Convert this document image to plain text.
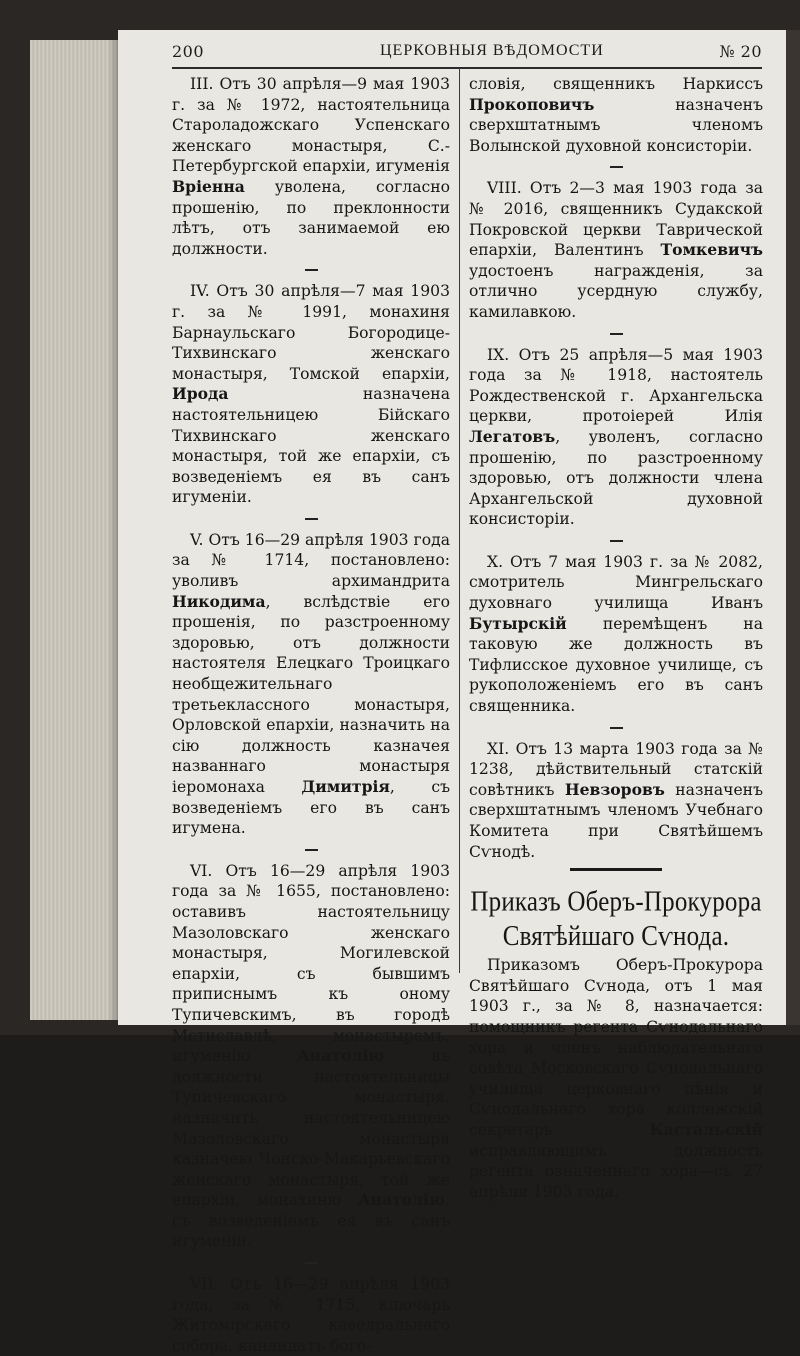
200	ЦЕРКОВНЫЯ ВѢДОМОСТИ	№ 20

III. Отъ 30 апрѣля—9 мая 1903 г. за № 1972, настоятельница Староладожскаго Успенскаго женскаго монастыря, С.-Петербургской епархіи, игуменія Вріенна уволена, согласно прошенію, по преклонности лѣтъ, отъ занимаемой ею должности.

IV. Отъ 30 апрѣля—7 мая 1903 г. за № 1991, монахиня Барнаульскаго Богородице-Тихвинскаго женскаго монастыря, Томской епархіи, Ирода назначена настоятельницею Бійскаго Тихвинскаго женскаго монастыря, той же епархіи, съ возведеніемъ ея въ санъ игуменіи.

V. Отъ 16—29 апрѣля 1903 года за № 1714, постановлено: уволивъ архимандрита Никодима, вслѣдствіе его прошенія, по разстроенному здоровью, отъ должности настоятеля Елецкаго Троицкаго необщежительнаго третьеклассного монастыря, Орловской епархіи, назначить на сію должность казначея названнаго монастыря іеромонаха Димитрія, съ возведеніемъ его въ санъ игумена.

VI. Отъ 16—29 апрѣля 1903 года за № 1655, постановлено: оставивъ настоятельницу Мазоловскаго женскаго монастыря, Могилевской епархіи, съ бывшимъ приписнымъ къ оному Тупичевскимъ, въ городѣ Мстиславлѣ, монастыремъ, игуменію Анатолію въ должности настоятельницы Тупичевскаго монастыря, назначить настоятельницею Мазоловскаго монастыря казначею Чонско-Макарьевскаго женскаго монастыря, той же епархіи, монахиню Анатолію, съ возведеніемъ ея въ санъ игуменіи.

VII. Отъ 16—29 апрѣля 1903 года, за № 1715, ключарь Житомірскаго каѳедральнаго собора, кандидатъ бого-

словія, священникъ Наркиссъ Прокоповичъ назначенъ сверхштатнымъ членомъ Волынской духовной консисторіи.

VIII. Отъ 2—3 мая 1903 года за № 2016, священникъ Судакской Покровской церкви Таврической епархіи, Валентинъ Томкевичъ удостоенъ награжденія, за отлично усердную службу, камилавкою.

IX. Отъ 25 апрѣля—5 мая 1903 года за № 1918, настоятель Рождественской г. Архангельска церкви, протоіерей Илія Легатовъ, уволенъ, согласно прошенію, по разстроенному здоровью, отъ должности члена Архангельской духовной консисторіи.

X. Отъ 7 мая 1903 г. за № 2082, смотритель Мингрельскаго духовнаго училища Иванъ Бутырскій перемѣщенъ на таковую же должность въ Тифлисское духовное училище, съ рукоположеніемъ его въ санъ священника.

XI. Отъ 13 марта 1903 года за № 1238, дѣйствительный статскій совѣтникъ Невзоровъ назначенъ сверхштатнымъ членомъ Учебнаго Комитета при Святѣйшемъ Сѵнодѣ.

Приказъ Оберъ-Прокурора Святѣйшаго Сѵнода.

Приказомъ Оберъ-Прокурора Святѣйшаго Сѵнода, отъ 1 мая 1903 г., за № 8, назначается: помощникъ регента Сѵнодальнаго хора и членъ наблюдательнаго совѣта Московскаго Сѵнодальнаго училища церковнаго пѣнія и Сѵнодальнаго хора коллежскій секретарь Кастальскій исправляющимъ должность регента означеннаго хора—съ 27 апрѣля 1903 года.
